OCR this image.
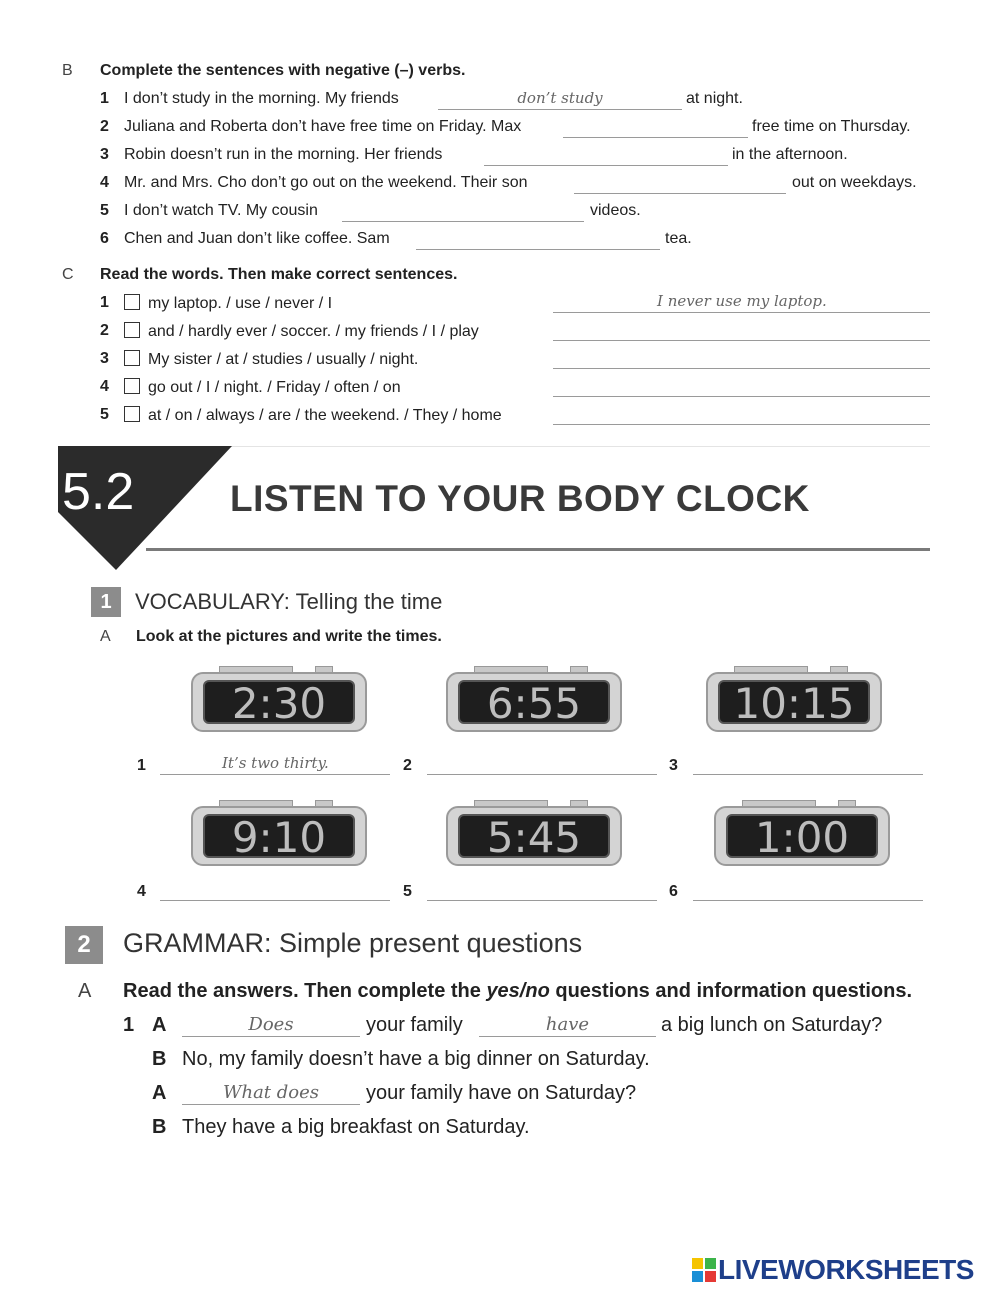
B Complete the sentences with negative (–) verbs.
1 I don’t study in the morning. My friends	don’t study	at night.
2 Juliana and Roberta don’t have free time on Friday. Max	free time on Thursday.
3 Robin doesn’t run in the morning. Her friends	in the afternoon.
4 Mr. and Mrs. Cho don’t go out on the weekend. Their son	out on weekdays.
5 I don’t watch TV. My cousin	videos.
6 Chen and Juan don’t like coffee. Sam	tea.
C Read the words. Then make correct sentences.
1	my laptop. / use / never / I	I never use my laptop.
2	and / hardly ever / soccer. / my friends / I / play
3	My sister / at / studies / usually / night.
4	go out / I / night. / Friday / often / on
5	at / on / always / are / the weekend. / They / home
5.2	LISTEN TO YOUR BODY CLOCK
1	VOCABULARY: Telling the time
A Look at the pictures and write the times.
2:30	6:55	10:15
1	It’s two thirty.	2	3
9:10	5:45	1:00
4	5	6
2	GRAMMAR: Simple present questions
A Read the answers. Then complete the yes/no questions and information questions.
1 A	Does	your family	have	a big lunch on Saturday?
B No, my family doesn’t have a big dinner on Saturday.
A	What does	your family have on Saturday?
B They have a big breakfast on Saturday.
LIVEWORKSHEETS
